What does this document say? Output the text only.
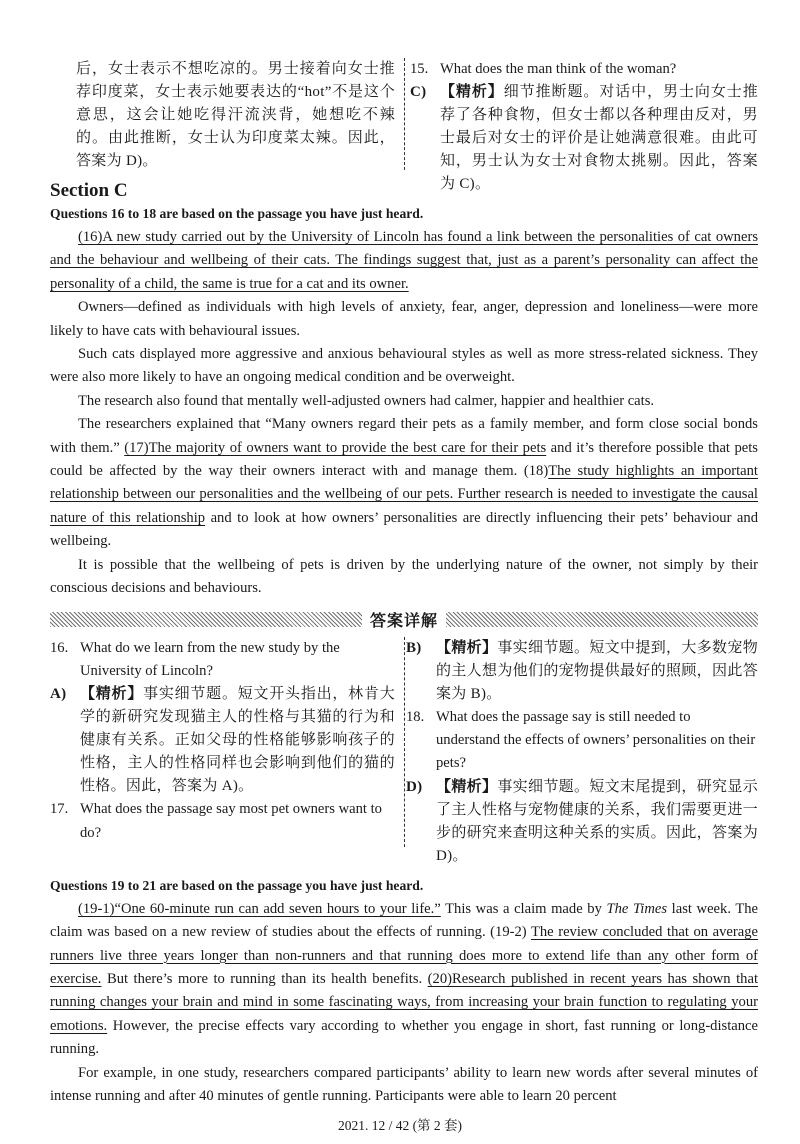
后，女士表示不想吃凉的。男士接着向女士推荐印度菜，女士表示她要表达的“hot”不是这个意思，这会让她吃得汗流浃背，她想吃不辣的。由此推断，女士认为印度菜太辣。因此，答案为 D)。

15. What does the man think of the woman?
C) 【精析】细节推断题。对话中，男士向女士推荐了各种食物，但女士都以各种理由反对，男士最后对女士的评价是让她满意很难。由此可知，男士认为女士对食物太挑剔。因此，答案为 C)。
Section C

Questions 16 to 18 are based on the passage you have just heard.

(16)A new study carried out by the University of Lincoln has found a link between the personalities of cat owners and the behaviour and wellbeing of their cats. The findings suggest that, just as a parent’s personality can affect the personality of a child, the same is true for a cat and its owner.

Owners—defined as individuals with high levels of anxiety, fear, anger, depression and loneliness—were more likely to have cats with behavioural issues.

Such cats displayed more aggressive and anxious behavioural styles as well as more stress-related sickness. They were also more likely to have an ongoing medical condition and be overweight.

The research also found that mentally well-adjusted owners had calmer, happier and healthier cats.

The researchers explained that “Many owners regard their pets as a family member, and form close social bonds with them.” (17)The majority of owners want to provide the best care for their pets and it’s therefore possible that pets could be affected by the way their owners interact with and manage them. (18)The study highlights an important relationship between our personalities and the wellbeing of our pets. Further research is needed to investigate the causal nature of this relationship and to look at how owners’ personalities are directly influencing their pets’ behaviour and wellbeing.

It is possible that the wellbeing of pets is driven by the underlying nature of the owner, not simply by their conscious decisions and behaviours.

答案详解
16. What do we learn from the new study by the University of Lincoln?
A) 【精析】事实细节题。短文开头指出，林肯大学的新研究发现猫主人的性格与其猫的行为和健康有关系。正如父母的性格能够影响孩子的性格，主人的性格同样也会影响到他们的猫的性格。因此，答案为 A)。
17. What does the passage say most pet owners want to do?
B) 【精析】事实细节题。短文中提到，大多数宠物的主人想为他们的宠物提供最好的照顾，因此答案为 B)。
18. What does the passage say is still needed to understand the effects of owners’ personalities on their pets?
D) 【精析】事实细节题。短文末尾提到，研究显示了主人性格与宠物健康的关系，我们需要更进一步的研究来查明这种关系的实质。因此，答案为 D)。

Questions 19 to 21 are based on the passage you have just heard.

(19-1)“One 60-minute run can add seven hours to your life.” This was a claim made by The Times last week. The claim was based on a new review of studies about the effects of running. (19-2) The review concluded that on average runners live three years longer than non-runners and that running does more to extend life than any other form of exercise. But there’s more to running than its health benefits. (20)Research published in recent years has shown that running changes your brain and mind in some fascinating ways, from increasing your brain function to regulating your emotions. However, the precise effects vary according to whether you engage in short, fast running or long-distance running.

For example, in one study, researchers compared participants’ ability to learn new words after several minutes of intense running and after 40 minutes of gentle running. Participants were able to learn 20 percent

2021. 12 / 42 (第 2 套)
